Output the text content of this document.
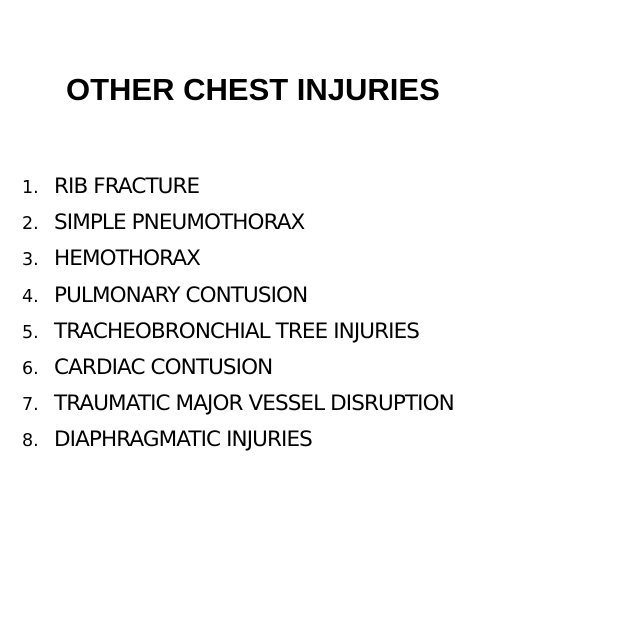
OTHER CHEST INJURIES
1. RIB FRACTURE
2. SIMPLE PNEUMOTHORAX
3. HEMOTHORAX
4. PULMONARY CONTUSION
5. TRACHEOBRONCHIAL TREE INJURIES
6. CARDIAC CONTUSION
7. TRAUMATIC MAJOR VESSEL DISRUPTION
8. DIAPHRAGMATIC INJURIES
